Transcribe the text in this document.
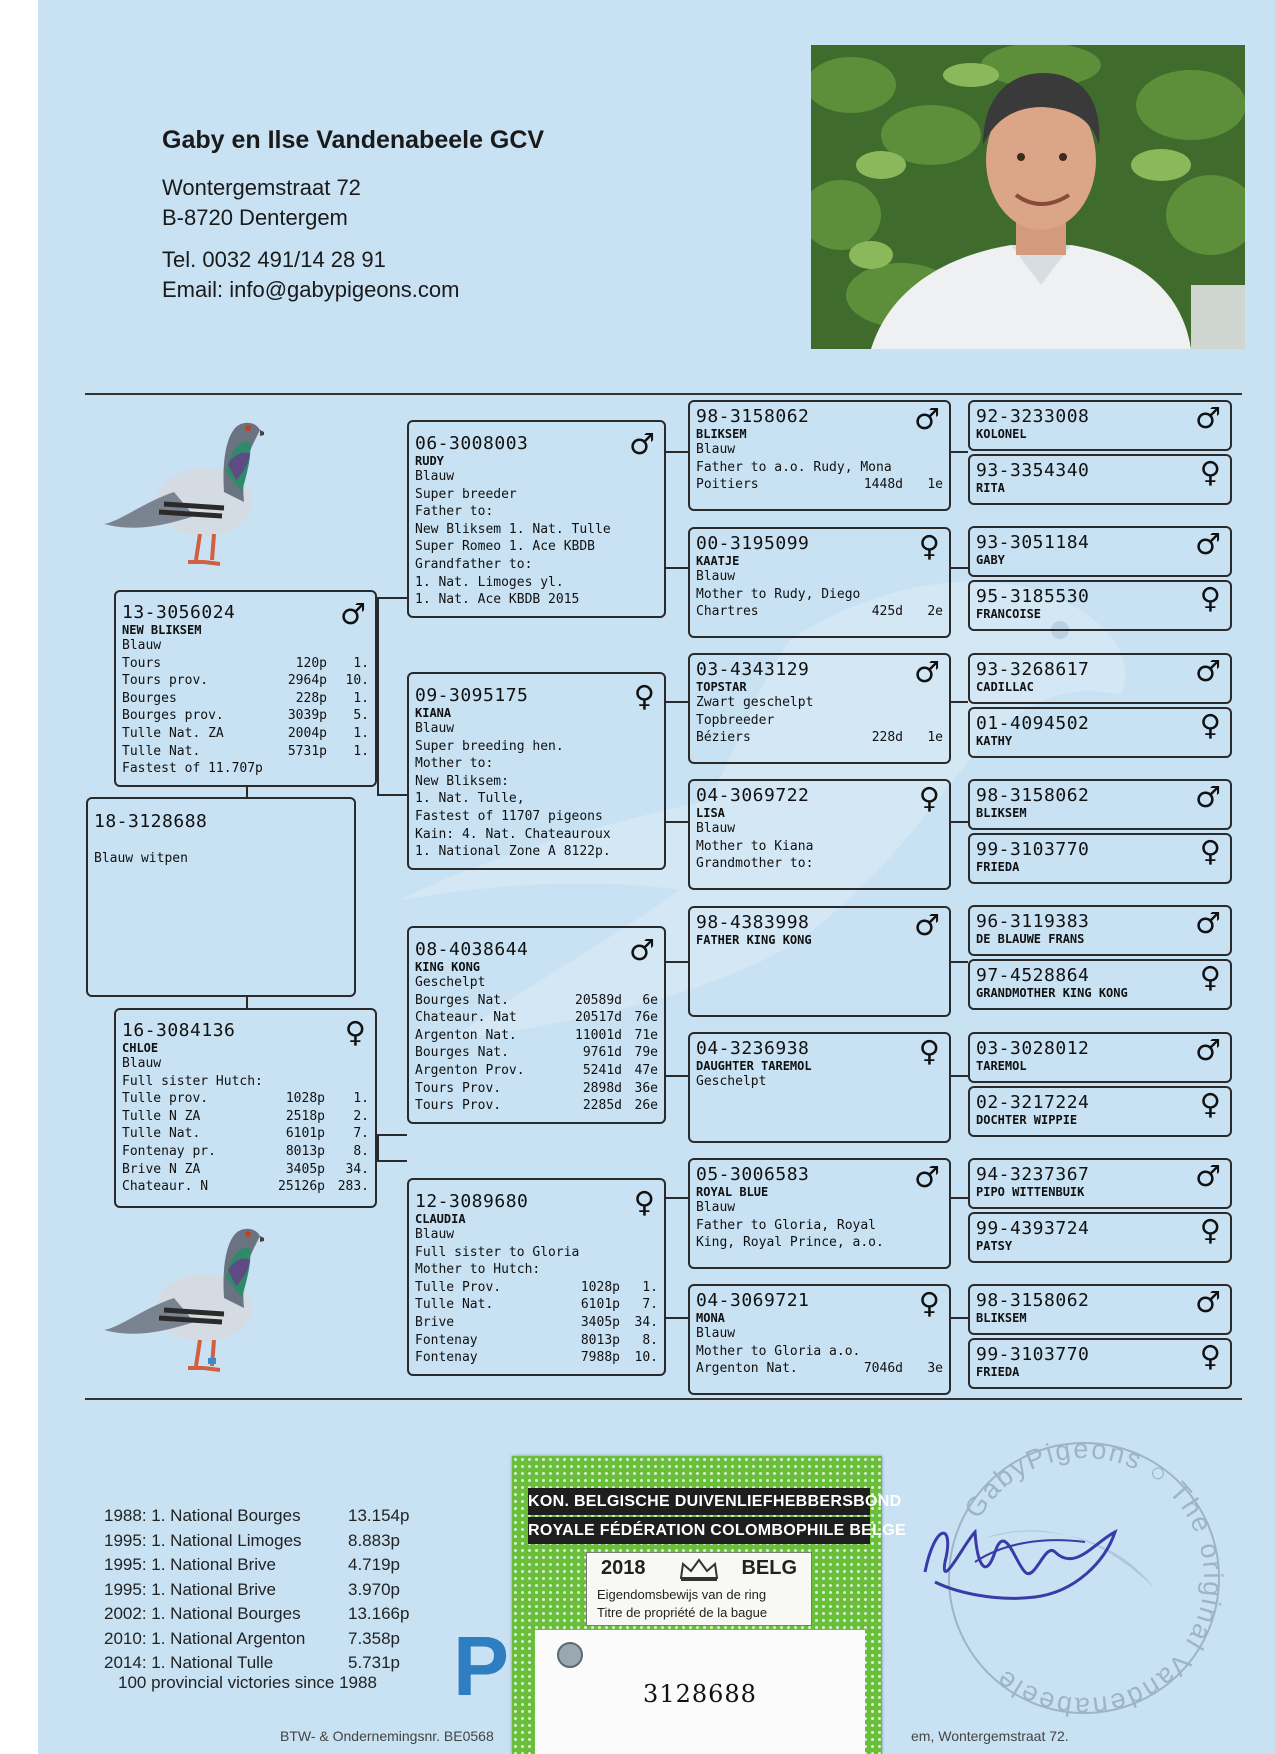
Gaby en Ilse Vandenabeele GCV
Wontergemstraat 72
B-8720 Dentergem
Tel. 0032 491/14 28 91
Email: info@gabypigeons.com
18-3128688
Blauw witpen
13-3056024	♂
NEW BLIKSEM
Blauw
Tours	120p	1.
Tours prov.	2964p	10.
Bourges	228p	1.
Bourges prov.	3039p	5.
Tulle Nat. ZA	2004p	1.
Tulle Nat.	5731p	1.
Fastest of 11.707p
16-3084136	♀
CHLOE
Blauw
Full sister Hutch:
Tulle prov.	1028p	1.
Tulle N ZA	2518p	2.
Tulle Nat.	6101p	7.
Fontenay pr.	8013p	8.
Brive N ZA	3405p	34.
Chateaur. N	25126p 283.
06-3008003	♂
RUDY
Blauw
Super breeder
Father to:
New Bliksem 1. Nat. Tulle
Super Romeo 1. Ace KBDB
Grandfather to:
1. Nat. Limoges yl.
1. Nat. Ace KBDB 2015
09-3095175	♀
KIANA
Blauw
Super breeding hen.
Mother to:
New Bliksem:
1. Nat. Tulle,
Fastest of 11707 pigeons
Kain: 4. Nat. Chateauroux
1. National Zone A 8122p.
08-4038644	♂
KING KONG
Geschelpt
Bourges Nat.	20589d	6e
Chateaur. Nat	20517d 76e
Argenton Nat.	11001d 71e
Bourges Nat.	9761d 79e
Argenton Prov.	5241d 47e
Tours Prov.	2898d 36e
Tours Prov.	2285d 26e
12-3089680	♀
CLAUDIA
Blauw
Full sister to Gloria
Mother to Hutch:
Tulle Prov.	1028p	1.
Tulle Nat.	6101p	7.
Brive	3405p	34.
Fontenay	8013p	8.
Fontenay	7988p	10.
98-3158062	♂
BLIKSEM
Blauw
Father to a.o. Rudy, Mona
Poitiers	1448d	1e
00-3195099	♀
KAATJE
Blauw
Mother to Rudy, Diego
Chartres	425d	2e
03-4343129	♂
TOPSTAR
Zwart geschelpt
Topbreeder
Béziers	228d	1e
04-3069722	♀
LISA
Blauw
Mother to Kiana
Grandmother to:
98-4383998	♂
FATHER KING KONG
04-3236938	♀
DAUGHTER TAREMOL
Geschelpt
05-3006583	♂
ROYAL BLUE
Blauw
Father to Gloria, Royal
King, Royal Prince, a.o.
04-3069721	♀
MONA
Blauw
Mother to Gloria a.o.
Argenton Nat.	7046d	3e
92-3233008	♂
KOLONEL
93-3354340	♀
RITA
93-3051184	♂
GABY
95-3185530	♀
FRANCOISE
93-3268617	♂
CADILLAC
01-4094502	♀
KATHY
98-3158062	♂
BLIKSEM
99-3103770	♀
FRIEDA
96-3119383	♂
DE BLAUWE FRANS
97-4528864	♀
GRANDMOTHER KING KONG
03-3028012	♂
TAREMOL
02-3217224	♀
DOCHTER WIPPIE
94-3237367	♂
PIPO WITTENBUIK
99-4393724	♀
PATSY
98-3158062	♂
BLIKSEM
99-3103770	♀
FRIEDA
1988: 1. National Bourges	13.154p
1995: 1. National Limoges	8.883p
1995: 1. National Brive	4.719p
1995: 1. National Brive	3.970p
2002: 1. National Bourges	13.166p
2010: 1. National Argenton	7.358p
2014: 1. National Tulle	5.731p
100 provincial victories since 1988 P
GabyPigeons ○ The original Vandenabeele
KON. BELGISCHE DUIVENLIEFHEBBERSBOND
ROYALE FÉDÉRATION COLOMBOPHILE BELGE
2018	BELG
Eigendomsbewijs van de ring
Titre de propriété de la bague
3128688
BTW- & Ondernemingsnr. BE0568	em, Wontergemstraat 72.
